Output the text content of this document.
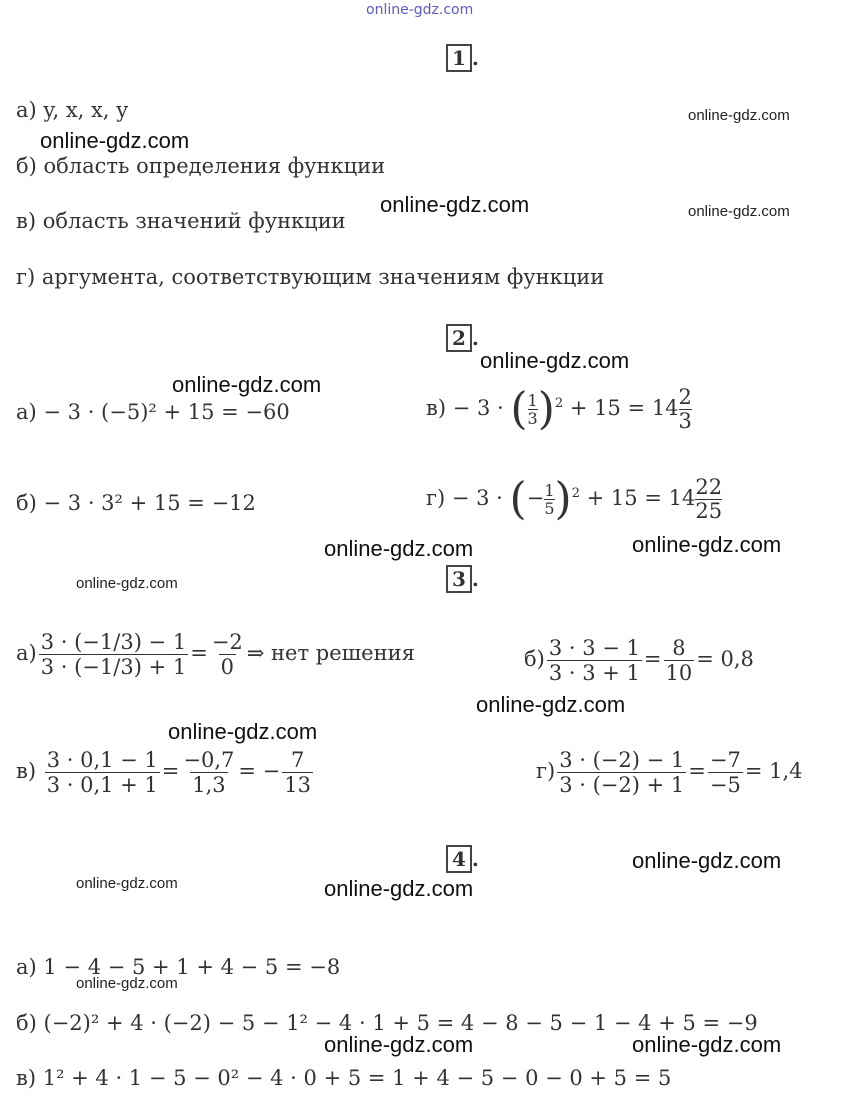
online-gdz.com
1 .
а) y, x, x, y
б) область определения функции
в) область значений функции
г) аргумента, соответствующим значениям функции
2 .
а) − 3 · (−5)² + 15 = −60
б) − 3 · 3² + 15 = −12
в) − 3 · ( $\frac{1}{3} )^2 + 15 = 14 \frac{2}{3}$
г) − 3 · (− $\frac{1}{5} )^2 + 15 = 14 \frac{22}{25}$
3 .
$а) \frac{3 \cdot (-1/3) - 1}{3 \cdot (-1/3) + 1} = \frac{-2}{0}$ ⇒ нет решения	$б) \frac{3 \cdot 3 - 1}{3 \cdot 3 + 1} = \frac{8}{10} = 0,8$
$в) \frac{3 \cdot 0,1 - 1}{3 \cdot 0,1 + 1} = \frac{-0,7}{1,3}$ = − $\frac{7}{13}$	$г) \frac{3 \cdot (-2) - 1}{3 \cdot (-2) + 1} = \frac{-7}{-5} = 1,4$
4 .
а) 1 − 4 − 5 + 1 + 4 − 5 = −8
б) (−2)² + 4 · (−2) − 5 − 1² − 4 · 1 + 5 = 4 − 8 − 5 − 1 − 4 + 5 = −9
в) 1² + 4 · 1 − 5 − 0² − 4 · 0 + 5 = 1 + 4 − 5 − 0 − 0 + 5 = 5
online-gdz.com
online-gdz.com
online-gdz.com	online-gdz.com
online-gdz.com
online-gdz.com
online-gdz.com	online-gdz.com
online-gdz.com
online-gdz.com
online-gdz.com
online-gdz.com
online-gdz.com	online-gdz.com
online-gdz.com
online-gdz.com	online-gdz.com
